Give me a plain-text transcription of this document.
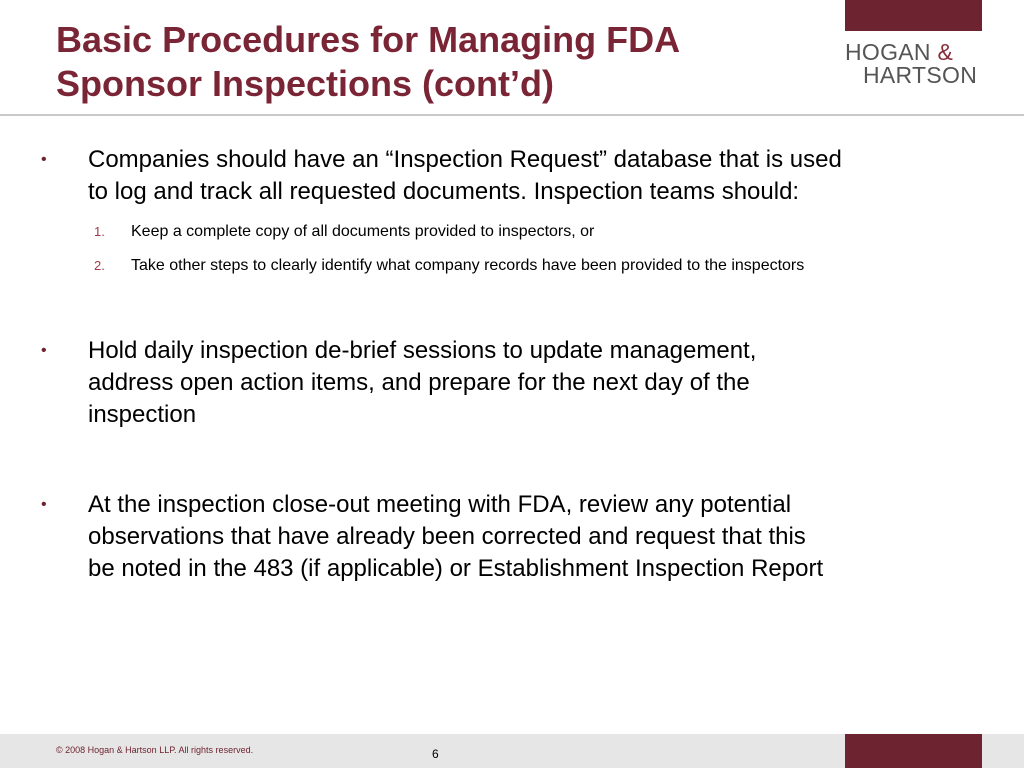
Basic Procedures for Managing FDA
Sponsor Inspections (cont’d)
HOGAN &
HARTSON
•	Companies should have an “Inspection Request” database that is used
to log and track all requested documents. Inspection teams should:
1. Keep a complete copy of all documents provided to inspectors, or
2. Take other steps to clearly identify what company records have been provided to the inspectors
•	Hold daily inspection de-brief sessions to update management,
address open action items, and prepare for the next day of the
inspection
•	At the inspection close-out meeting with FDA, review any potential
observations that have already been corrected and request that this
be noted in the 483 (if applicable) or Establishment Inspection Report
© 2008 Hogan & Hartson LLP. All rights reserved.	6
